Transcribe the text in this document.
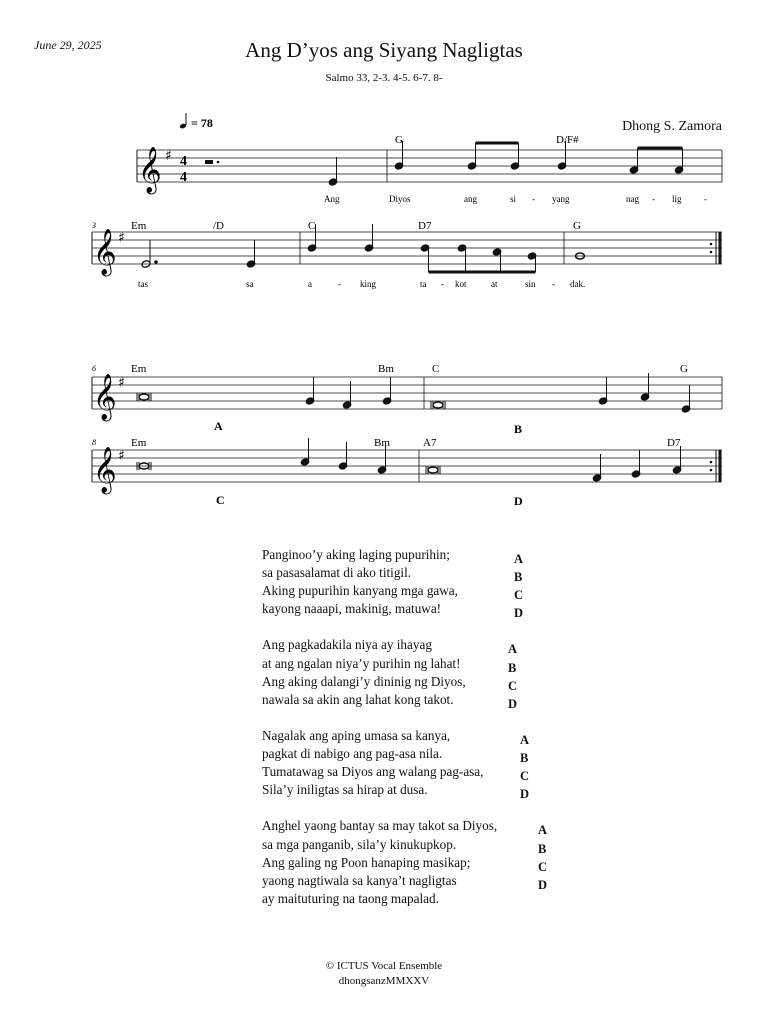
June 29, 2025	Ang D’yos ang Siyang Nagligtas
Salmo 33, 2-3. 4-5. 6-7. 8-
Dhong S. Zamora
= 78
𝄞 ♯ 4
4
G	D/F#
Ang	Diyos	ang	si - yang	nag - lig -
3
𝄞 ♯
Em	/D	C	D7	G
tas	sa	a	- king	ta - kot	at	sin - dak.
6
𝄞 ♯
Em	Bm	C	G
A	B
8
𝄞 ♯
Em	Bm	A7	D7
C	D
Panginoo’y aking laging pupurihin;	A
sa pasasalamat di ako titigil.	B
Aking pupurihin kanyang mga gawa,	C
kayong naaapi, makinig, matuwa!	D
Ang pagkadakila niya ay ihayag	A
at ang ngalan niya’y purihin ng lahat!	B
Ang aking dalangi’y dininig ng Diyos,	C
nawala sa akin ang lahat kong takot.	D
Nagalak ang aping umasa sa kanya,	A
pagkat di nabigo ang pag-asa nila.	B
Tumatawag sa Diyos ang walang pag-asa,	C
Sila’y iniligtas sa hirap at dusa.	D
Anghel yaong bantay sa may takot sa Diyos,	A
sa mga panganib, sila’y kinukupkop.	B
Ang galing ng Poon hanaping masikap;	C
yaong nagtiwala sa kanya’t nagligtas	D
ay maituturing na taong mapalad.
© ICTUS Vocal Ensemble
dhongsanzMMXXV
